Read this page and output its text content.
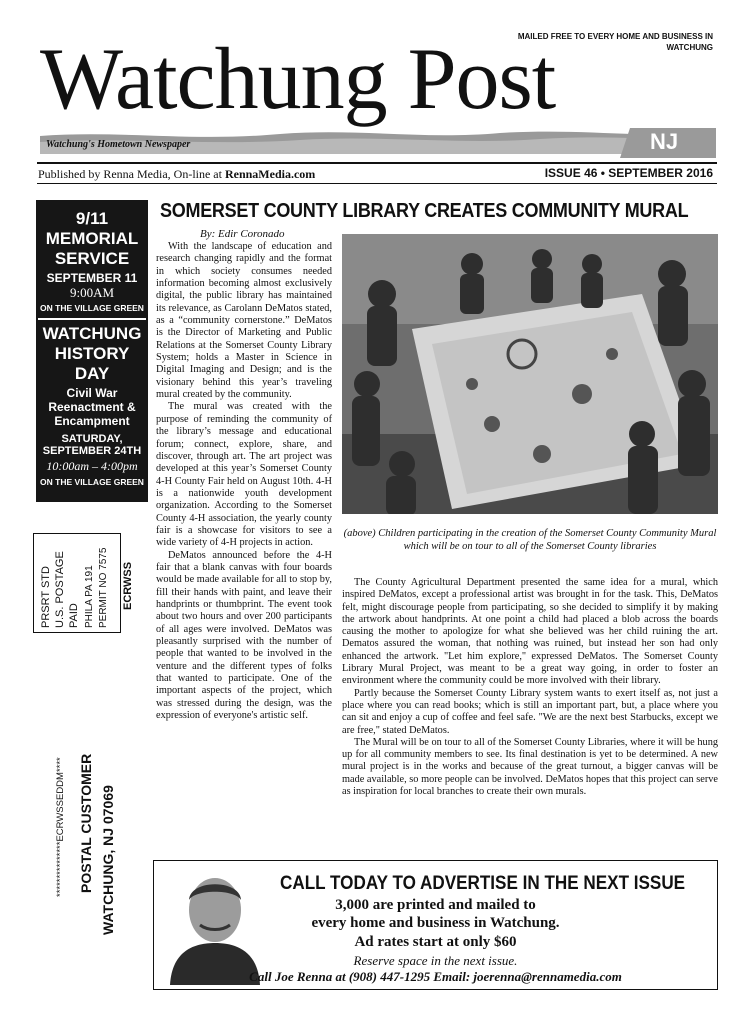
MAILED FREE TO EVERY HOME AND BUSINESS IN WATCHUNG
Watchung Post
Watchung's Hometown Newspaper	NJ
Published by Renna Media, On-line at RennaMedia.com	ISSUE 46 • SEPTEMBER 2016
9/11
MEMORIAL
SERVICE
SEPTEMBER 11
9:00AM
ON THE VILLAGE GREEN
WATCHUNG
HISTORY DAY
Civil War
Reenactment &
Encampment
SATURDAY,
SEPTEMBER 24TH
10:00am – 4:00pm
ON THE VILLAGE GREEN
PRSRT STD U.S. POSTAGE PAID PHILA PA 191 PERMIT NO 7575 ECRWSS
***************ECRWSSEDDM**** POSTAL CUSTOMER WATCHUNG, NJ 07069
SOMERSET COUNTY LIBRARY CREATES COMMUNITY MURAL
By: Edir Coronado

With the landscape of education and research changing rapidly and the format in which society consumes needed information becoming almost exclusively digital, the public library has maintained its relevance, as Carolann DeMatos stated, as a “community cornerstone.” DeMatos is the Director of Marketing and Public Relations at the Somerset County Library System; holds a Master in Science in Digital Imaging and Design; and is the visionary behind this year’s traveling mural created by the community.

The mural was created with the purpose of reminding the community of the library’s message and educational forum; connect, explore, share, and discover, through art. The art project was developed at this year’s Somerset County 4-H County Fair held on August 10th. 4-H is a nationwide youth development organization. According to the Somerset County 4-H association, the yearly county fair is a showcase for visitors to see a wide variety of 4-H projects in action.

DeMatos announced before the 4-H fair that a blank canvas with four boards would be made available for all to stop by, fill their hands with paint, and leave their handprints or thumbprint. The event took about two hours and over 200 participants of all ages were involved. DeMatos was pleasantly surprised with the number of people that wanted to be involved in the venture and the different types of folks that wanted to participate. One of the important aspects of the project, which was stressed during the design, was the expression of everyone's artistic self.

(above) Children participating in the creation of the Somerset County Community Mural which will be on tour to all of the Somerset County libraries

The County Agricultural Department presented the same idea for a mural, which inspired DeMatos, except a professional artist was brought in for the task. This, DeMatos felt, might discourage people from participating, so she decided to simplify it by making the artwork about handprints. At one point a child had placed a blob across the boards causing the mother to apologize for what she believed was her child ruining the art. Dematos assured the woman, that nothing was ruined, but instead her son had only enhanced the artwork. "Let him explore," expressed DeMatos. The Somerset County Library Mural Project, was meant to be a great way going, in order to foster an environment where the community could be more involved with their library.

Partly because the Somerset County Library system wants to exert itself as, not just a place where you can read books; which is still an important part, but, a place where you can sit and enjoy a cup of coffee and feel safe. "We are the next best Starbucks, except we are free," stated DeMatos.

The Mural will be on tour to all of the Somerset County Libraries, where it will be hung up for all community members to see. Its final destination is yet to be determined. A new mural project is in the works and because of the great turnout, a bigger canvas will be made available, so more people can be involved. DeMatos hopes that this project can serve as inspiration for local branches to create their own murals.

CALL TODAY TO ADVERTISE IN THE NEXT ISSUE
3,000 are printed and mailed to
every home and business in Watchung.
Ad rates start at only $60
Reserve space in the next issue.
Call Joe Renna at (908) 447-1295 Email: joerenna@rennamedia.com
